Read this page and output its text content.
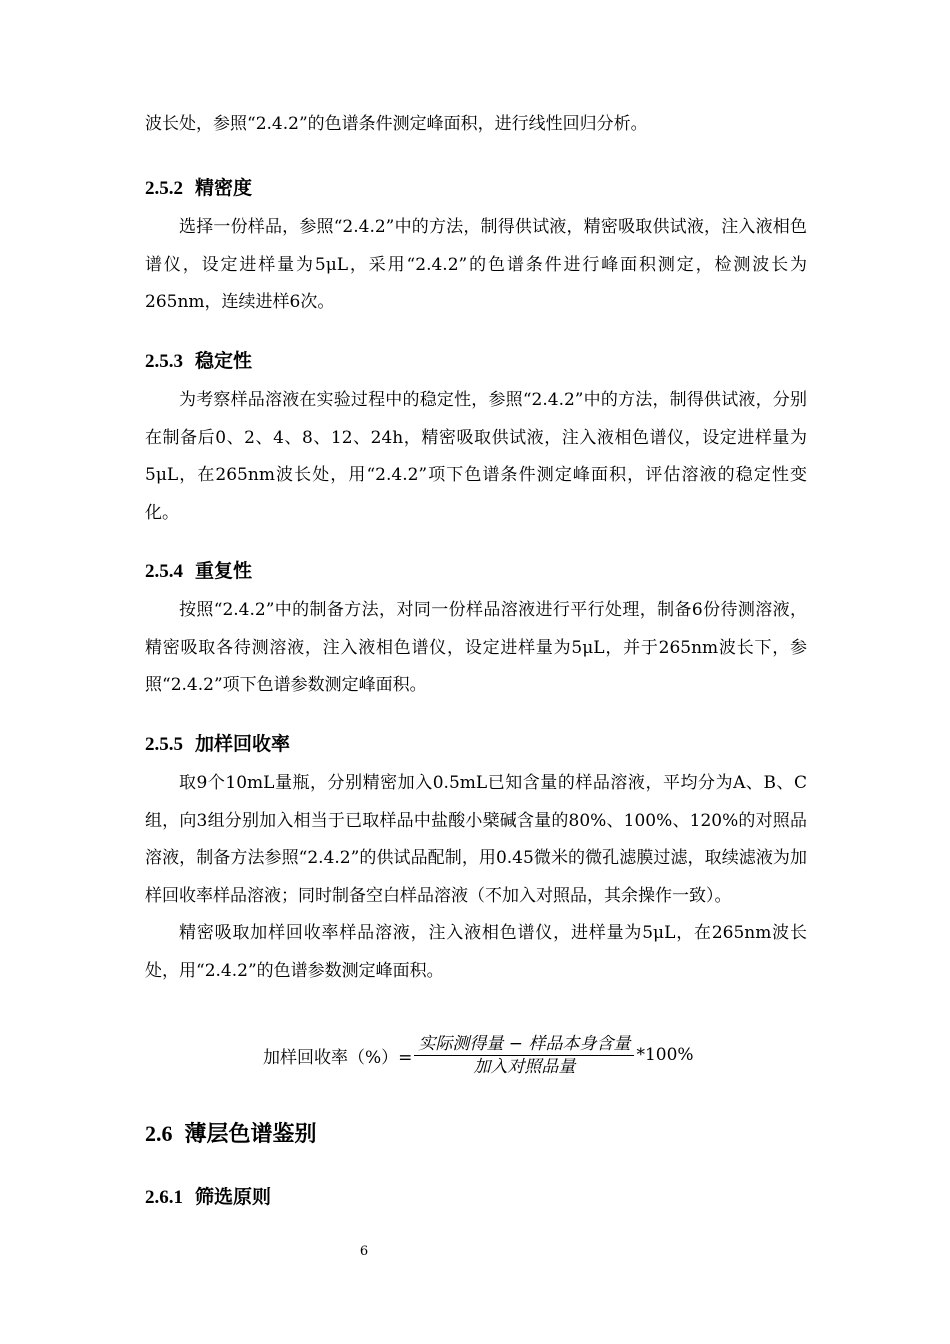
波长处，参照“2.4.2”的色谱条件测定峰面积，进行线性回归分析。

2.5.2 精密度

选择一份样品，参照“2.4.2”中的方法，制得供试液，精密吸取供试液，注入液相色谱仪，设定进样量为5μL，采用“2.4.2”的色谱条件进行峰面积测定，检测波长为265nm，连续进样6次。

2.5.3 稳定性

为考察样品溶液在实验过程中的稳定性，参照“2.4.2”中的方法，制得供试液，分别在制备后0、2、4、8、12、24h，精密吸取供试液，注入液相色谱仪，设定进样量为5μL，在265nm波长处，用“2.4.2”项下色谱条件测定峰面积，评估溶液的稳定性变化。

2.5.4 重复性

按照“2.4.2”中的制备方法，对同一份样品溶液进行平行处理，制备6份待测溶液，精密吸取各待测溶液，注入液相色谱仪，设定进样量为5μL，并于265nm波长下，参照“2.4.2”项下色谱参数测定峰面积。

2.5.5 加样回收率

取9个10mL量瓶，分别精密加入0.5mL已知含量的样品溶液，平均分为A、B、C组，向3组分别加入相当于已取样品中盐酸小檗碱含量的80%、100%、120%的对照品溶液，制备方法参照“2.4.2”的供试品配制，用0.45微米的微孔滤膜过滤，取续滤液为加样回收率样品溶液；同时制备空白样品溶液（不加入对照品，其余操作一致）。

精密吸取加样回收率样品溶液，注入液相色谱仪，进样量为5μL，在265nm波长处，用“2.4.2”的色谱参数测定峰面积。

加样回收率（%）= $\frac{\text{实际测得量 − 样品本身含量}}{\text{加入对照品量}} *100\%$
2.6 薄层色谱鉴别
2.6.1 筛选原则
6
